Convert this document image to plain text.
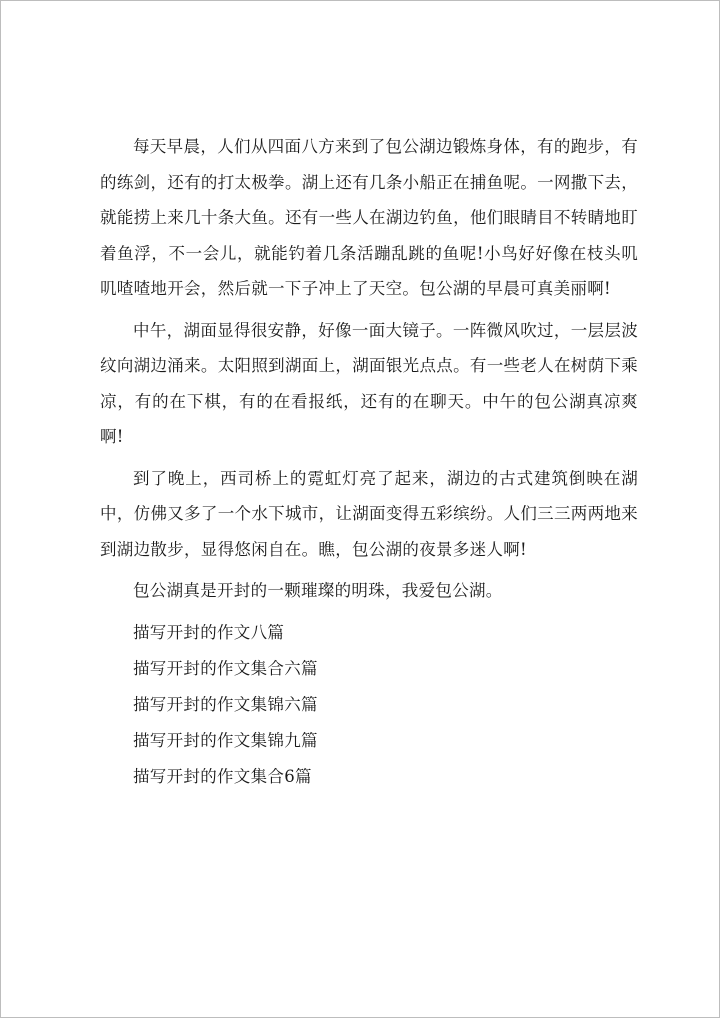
每天早晨，人们从四面八方来到了包公湖边锻炼身体，有的跑步，有的练剑，还有的打太极拳。湖上还有几条小船正在捕鱼呢。一网撒下去，就能捞上来几十条大鱼。还有一些人在湖边钓鱼，他们眼睛目不转睛地盯着鱼浮，不一会儿，就能钓着几条活蹦乱跳的鱼呢!小鸟好好像在枝头叽叽喳喳地开会，然后就一下子冲上了天空。包公湖的早晨可真美丽啊!

中午，湖面显得很安静，好像一面大镜子。一阵微风吹过，一层层波纹向湖边涌来。太阳照到湖面上，湖面银光点点。有一些老人在树荫下乘凉，有的在下棋，有的在看报纸，还有的在聊天。中午的包公湖真凉爽啊!

到了晚上，西司桥上的霓虹灯亮了起来，湖边的古式建筑倒映在湖中，仿佛又多了一个水下城市，让湖面变得五彩缤纷。人们三三两两地来到湖边散步，显得悠闲自在。瞧，包公湖的夜景多迷人啊!

包公湖真是开封的一颗璀璨的明珠，我爱包公湖。

描写开封的作文八篇

描写开封的作文集合六篇

描写开封的作文集锦六篇

描写开封的作文集锦九篇

描写开封的作文集合6篇
